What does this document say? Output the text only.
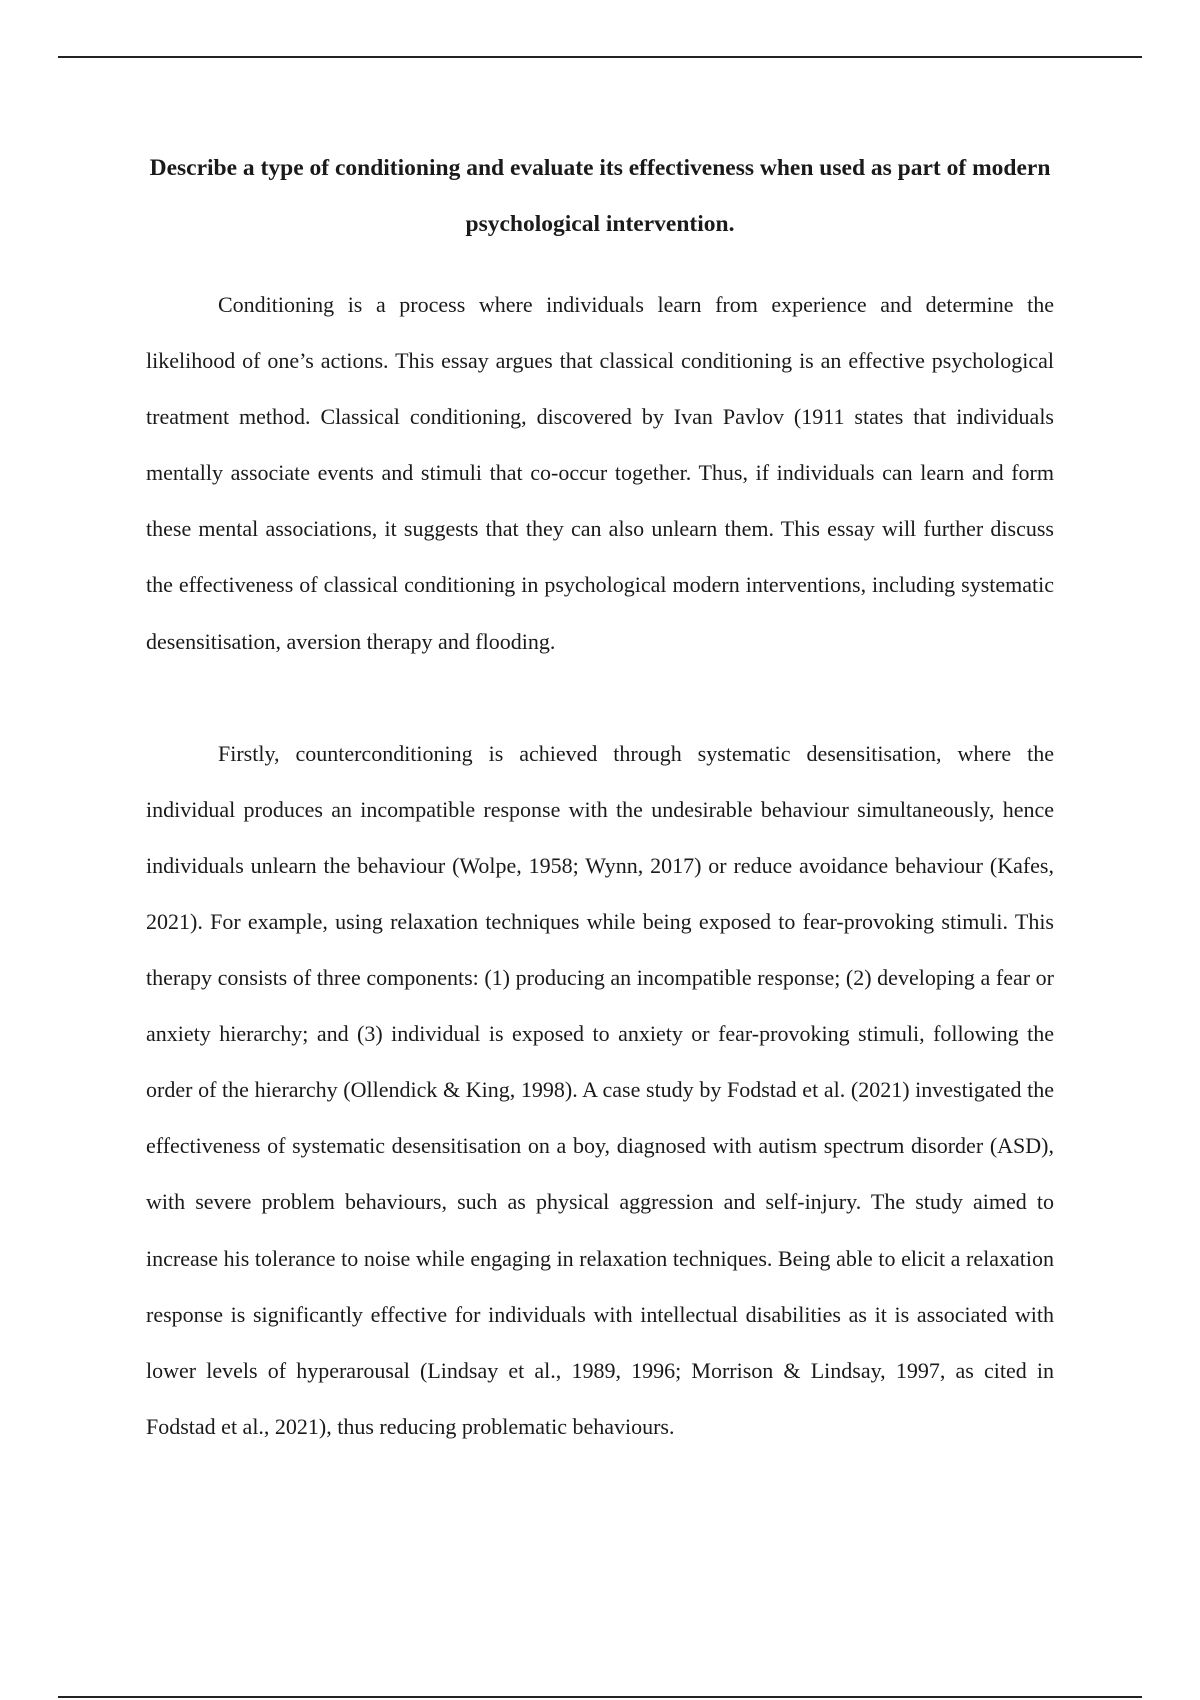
Describe a type of conditioning and evaluate its effectiveness when used as part of modern psychological intervention.

Conditioning is a process where individuals learn from experience and determine the likelihood of one’s actions. This essay argues that classical conditioning is an effective psychological treatment method. Classical conditioning, discovered by Ivan Pavlov (1911 states that individuals mentally associate events and stimuli that co-occur together. Thus, if individuals can learn and form these mental associations, it suggests that they can also unlearn them. This essay will further discuss the effectiveness of classical conditioning in psychological modern interventions, including systematic desensitisation, aversion therapy and flooding.

Firstly, counterconditioning is achieved through systematic desensitisation, where the individual produces an incompatible response with the undesirable behaviour simultaneously, hence individuals unlearn the behaviour (Wolpe, 1958; Wynn, 2017) or reduce avoidance behaviour (Kafes, 2021). For example, using relaxation techniques while being exposed to fear-provoking stimuli. This therapy consists of three components: (1) producing an incompatible response; (2) developing a fear or anxiety hierarchy; and (3) individual is exposed to anxiety or fear-provoking stimuli, following the order of the hierarchy (Ollendick & King, 1998). A case study by Fodstad et al. (2021) investigated the effectiveness of systematic desensitisation on a boy, diagnosed with autism spectrum disorder (ASD), with severe problem behaviours, such as physical aggression and self-injury. The study aimed to increase his tolerance to noise while engaging in relaxation techniques. Being able to elicit a relaxation response is significantly effective for individuals with intellectual disabilities as it is associated with lower levels of hyperarousal (Lindsay et al., 1989, 1996; Morrison & Lindsay, 1997, as cited in Fodstad et al., 2021), thus reducing problematic behaviours.
